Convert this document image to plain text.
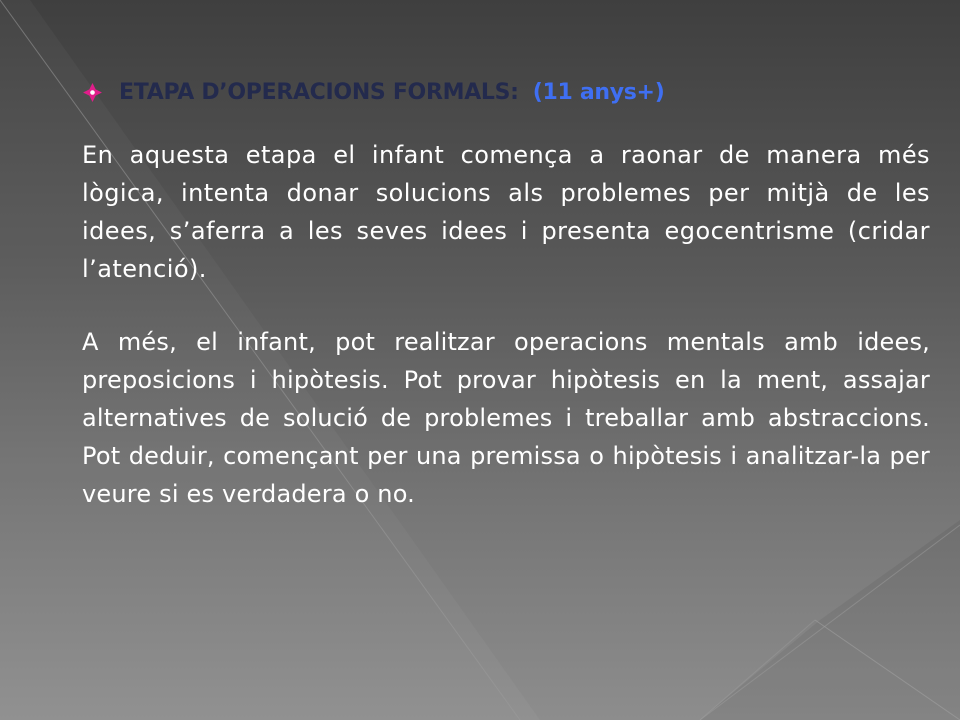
ETAPA D’OPERACIONS FORMALS: (11 anys+)

En aquesta etapa el infant comença a raonar de manera més lògica, intenta donar solucions als problemes per mitjà de les idees, s’aferra a les seves idees i presenta egocentrisme (cridar l’atenció).

A més, el infant, pot realitzar operacions mentals amb idees, preposicions i hipòtesis. Pot provar hipòtesis en la ment, assajar alternatives de solució de problemes i treballar amb abstraccions. Pot deduir, començant per una premissa o hipòtesis i analitzar-la per veure si es verdadera o no.
